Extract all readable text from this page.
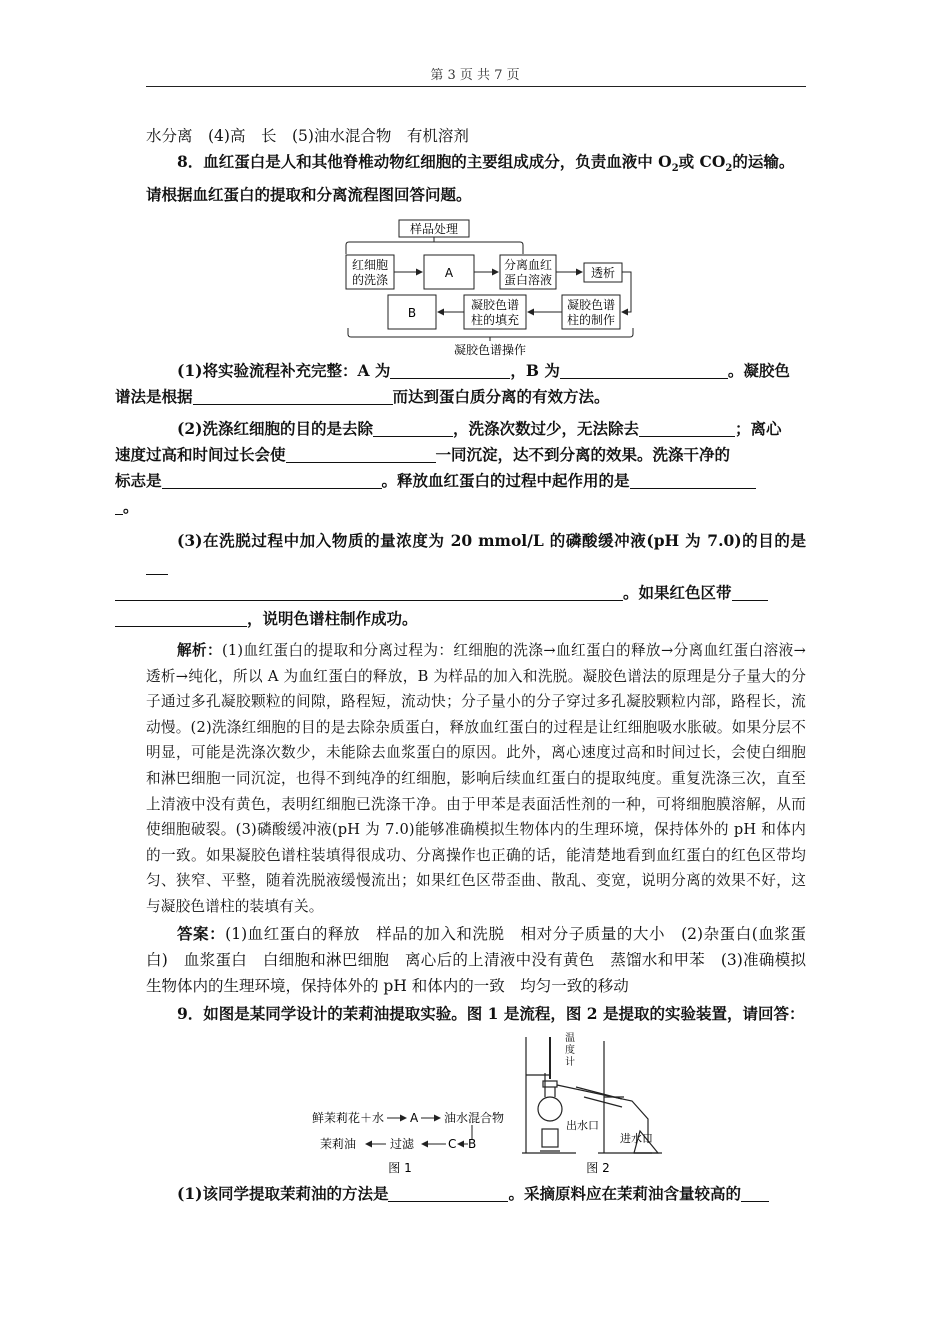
第 3 页 共 7 页

水分离　(4)高　长　(5)油水混合物　有机溶剂

8．血红蛋白是人和其他脊椎动物红细胞的主要组成成分，负责血液中 $O_2$或 $CO_2$的运输。

请根据血红蛋白的提取和分离流程图回答问题。

样品处理
红细胞
的洗涤	A
分离血红
蛋白溶液	透析
凝胶色谱
柱的制作
凝胶色谱
柱的填充
B
凝胶色谱操作

(1)将实验流程补充完整：A 为	，B 为	。凝胶色
谱法是根据	而达到蛋白质分离的有效方法。

(2)洗涤红细胞的目的是去除	，洗涤次数过少，无法除去	；离心
速度过高和时间过长会使	一同沉淀，达不到分离的效果。洗涤干净的
标志是	。释放血红蛋白的过程中起作用的是
。

(3)在洗脱过程中加入物质的量浓度为 20 mmol/L 的磷酸缓冲液(pH 为 7.0)的目的是
。如果红色区带
，说明色谱柱制作成功。

解析：(1)血红蛋白的提取和分离过程为：红细胞的洗涤→血红蛋白的释放→分离血红蛋白溶液→透析→纯化，所以 A 为血红蛋白的释放，B 为样品的加入和洗脱。凝胶色谱法的原理是分子量大的分子通过多孔凝胶颗粒的间隙，路程短，流动快；分子量小的分子穿过多孔凝胶颗粒内部，路程长，流动慢。(2)洗涤红细胞的目的是去除杂质蛋白，释放血红蛋白的过程是让红细胞吸水胀破。如果分层不明显，可能是洗涤次数少，未能除去血浆蛋白的原因。此外，离心速度过高和时间过长，会使白细胞和淋巴细胞一同沉淀，也得不到纯净的红细胞，影响后续血红蛋白的提取纯度。重复洗涤三次，直至上清液中没有黄色，表明红细胞已洗涤干净。由于甲苯是表面活性剂的一种，可将细胞膜溶解，从而使细胞破裂。(3)磷酸缓冲液(pH 为 7.0)能够准确模拟生物体内的生理环境，保持体外的 pH 和体内的一致。如果凝胶色谱柱装填得很成功、分离操作也正确的话，能清楚地看到血红蛋白的红色区带均匀、狭窄、平整，随着洗脱液缓慢流出；如果红色区带歪曲、散乱、变宽，说明分离的效果不好，这与凝胶色谱柱的装填有关。

答案：(1)血红蛋白的释放　样品的加入和洗脱　相对分子质量的大小　(2)杂蛋白(血浆蛋白)　血浆蛋白　白细胞和淋巴细胞　离心后的上清液中没有黄色　蒸馏水和甲苯　(3)准确模拟生物体内的生理环境，保持体外的 pH 和体内的一致　均匀一致的移动

9．如图是某同学设计的茉莉油提取实验。图 1 是流程，图 2 是提取的实验装置，请回答：

鲜茉莉花＋水 A 油水混合物
茉莉油	过滤	C B
图 1
温
度
计
出水口
进水口
图 2

(1)该同学提取茉莉油的方法是	。采摘原料应在茉莉油含量较高的
